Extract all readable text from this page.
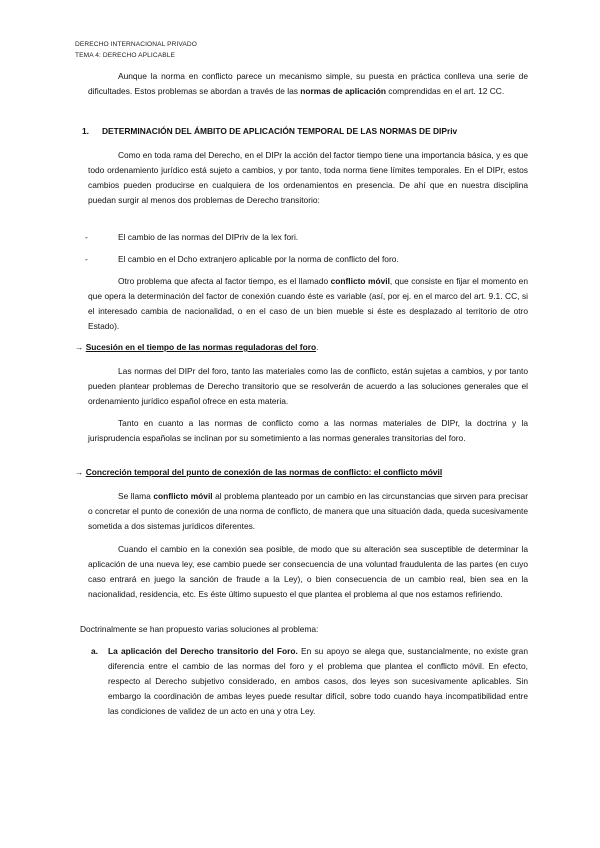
DERECHO INTERNACIONAL PRIVADO
TEMA 4: DERECHO APLICABLE

Aunque la norma en conflicto parece un mecanismo simple, su puesta en práctica conlleva una serie de dificultades. Estos problemas se abordan a través de las normas de aplicación comprendidas en el art. 12 CC.

1. DETERMINACIÓN DEL ÁMBITO DE APLICACIÓN TEMPORAL DE LAS NORMAS DE DIPriv

Como en toda rama del Derecho, en el DIPr la acción del factor tiempo tiene una importancia básica, y es que todo ordenamiento jurídico está sujeto a cambios, y por tanto, toda norma tiene límites temporales. En el DIPr, estos cambios pueden producirse en cualquiera de los ordenamientos en presencia. De ahí que en nuestra disciplina puedan surgir al menos dos problemas de Derecho transitorio:

-	El cambio de las normas del DIPriv de la lex fori.
-	El cambio en el Dcho extranjero aplicable por la norma de conflicto del foro.

Otro problema que afecta al factor tiempo, es el llamado conflicto móvil, que consiste en fijar el momento en que opera la determinación del factor de conexión cuando éste es variable (así, por ej. en el marco del art. 9.1. CC, si el interesado cambia de nacionalidad, o en el caso de un bien mueble si éste es desplazado al territorio de otro Estado).

→ Sucesión en el tiempo de las normas reguladoras del foro.

Las normas del DIPr del foro, tanto las materiales como las de conflicto, están sujetas a cambios, y por tanto pueden plantear problemas de Derecho transitorio que se resolverán de acuerdo a las soluciones generales que el ordenamiento jurídico español ofrece en esta materia.

Tanto en cuanto a las normas de conflicto como a las normas materiales de DIPr, la doctrina y la jurisprudencia españolas se inclinan por su sometimiento a las normas generales transitorias del foro.

→ Concreción temporal del punto de conexión de las normas de conflicto: el conflicto móvil

Se llama conflicto móvil al problema planteado por un cambio en las circunstancias que sirven para precisar o concretar el punto de conexión de una norma de conflicto, de manera que una situación dada, queda sucesivamente sometida a dos sistemas jurídicos diferentes.

Cuando el cambio en la conexión sea posible, de modo que su alteración sea susceptible de determinar la aplicación de una nueva ley, ese cambio puede ser consecuencia de una voluntad fraudulenta de las partes (en cuyo caso entrará en juego la sanción de fraude a la Ley), o bien consecuencia de un cambio real, bien sea en la nacionalidad, residencia, etc. Es éste último supuesto el que plantea el problema al que nos estamos refiriendo.

Doctrinalmente se han propuesto varias soluciones al problema:
a. La aplicación del Derecho transitorio del Foro. En su apoyo se alega que, sustancialmente, no existe gran diferencia entre el cambio de las normas del foro y el problema que plantea el conflicto móvil. En efecto, respecto al Derecho subjetivo considerado, en ambos casos, dos leyes son sucesivamente aplicables. Sin embargo la coordinación de ambas leyes puede resultar difícil, sobre todo cuando haya incompatibilidad entre las condiciones de validez de un acto en una y otra Ley.
